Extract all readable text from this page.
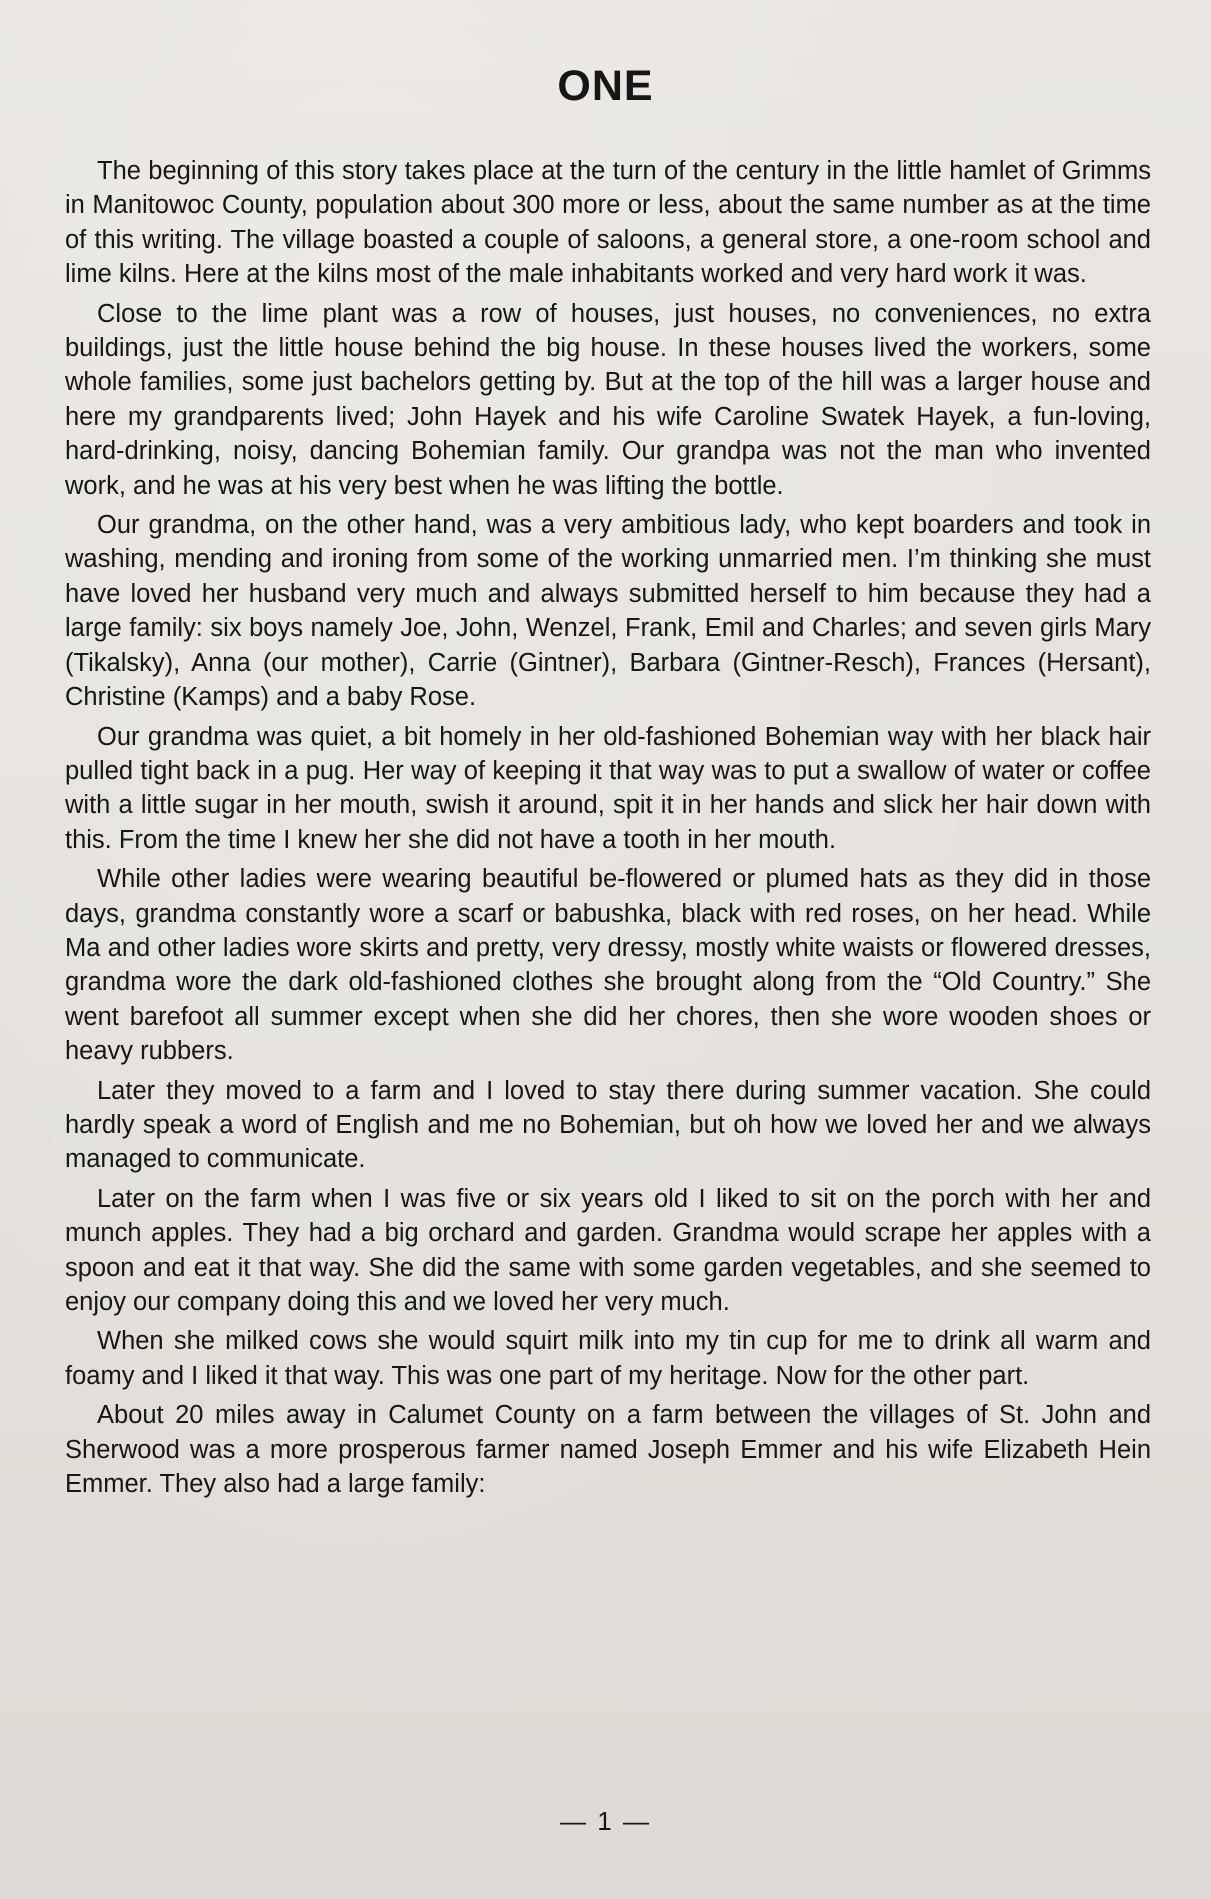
ONE

The beginning of this story takes place at the turn of the century in the little hamlet of Grimms in Manitowoc County, population about 300 more or less, about the same number as at the time of this writing. The village boasted a couple of saloons, a general store, a one-room school and lime kilns. Here at the kilns most of the male inhabitants worked and very hard work it was.

Close to the lime plant was a row of houses, just houses, no conveniences, no extra buildings, just the little house behind the big house. In these houses lived the workers, some whole families, some just bachelors getting by. But at the top of the hill was a larger house and here my grandparents lived; John Hayek and his wife Caroline Swatek Hayek, a fun-loving, hard-drinking, noisy, dancing Bohemian family. Our grandpa was not the man who invented work, and he was at his very best when he was lifting the bottle.

Our grandma, on the other hand, was a very ambitious lady, who kept boarders and took in washing, mending and ironing from some of the working unmarried men. I’m thinking she must have loved her husband very much and always submitted herself to him because they had a large family: six boys namely Joe, John, Wenzel, Frank, Emil and Charles; and seven girls Mary (Tikalsky), Anna (our mother), Carrie (Gintner), Barbara (Gintner-Resch), Frances (Hersant), Christine (Kamps) and a baby Rose.

Our grandma was quiet, a bit homely in her old-fashioned Bohemian way with her black hair pulled tight back in a pug. Her way of keeping it that way was to put a swallow of water or coffee with a little sugar in her mouth, swish it around, spit it in her hands and slick her hair down with this. From the time I knew her she did not have a tooth in her mouth.

While other ladies were wearing beautiful be-flowered or plumed hats as they did in those days, grandma constantly wore a scarf or babushka, black with red roses, on her head. While Ma and other ladies wore skirts and pretty, very dressy, mostly white waists or flowered dresses, grandma wore the dark old-fashioned clothes she brought along from the “Old Country.” She went barefoot all summer except when she did her chores, then she wore wooden shoes or heavy rubbers.

Later they moved to a farm and I loved to stay there during summer vacation. She could hardly speak a word of English and me no Bohemian, but oh how we loved her and we always managed to communicate.

Later on the farm when I was five or six years old I liked to sit on the porch with her and munch apples. They had a big orchard and garden. Grandma would scrape her apples with a spoon and eat it that way. She did the same with some garden vegetables, and she seemed to enjoy our company doing this and we loved her very much.

When she milked cows she would squirt milk into my tin cup for me to drink all warm and foamy and I liked it that way. This was one part of my heritage. Now for the other part.

About 20 miles away in Calumet County on a farm between the villages of St. John and Sherwood was a more prosperous farmer named Joseph Emmer and his wife Elizabeth Hein Emmer. They also had a large family:

— 1 —
